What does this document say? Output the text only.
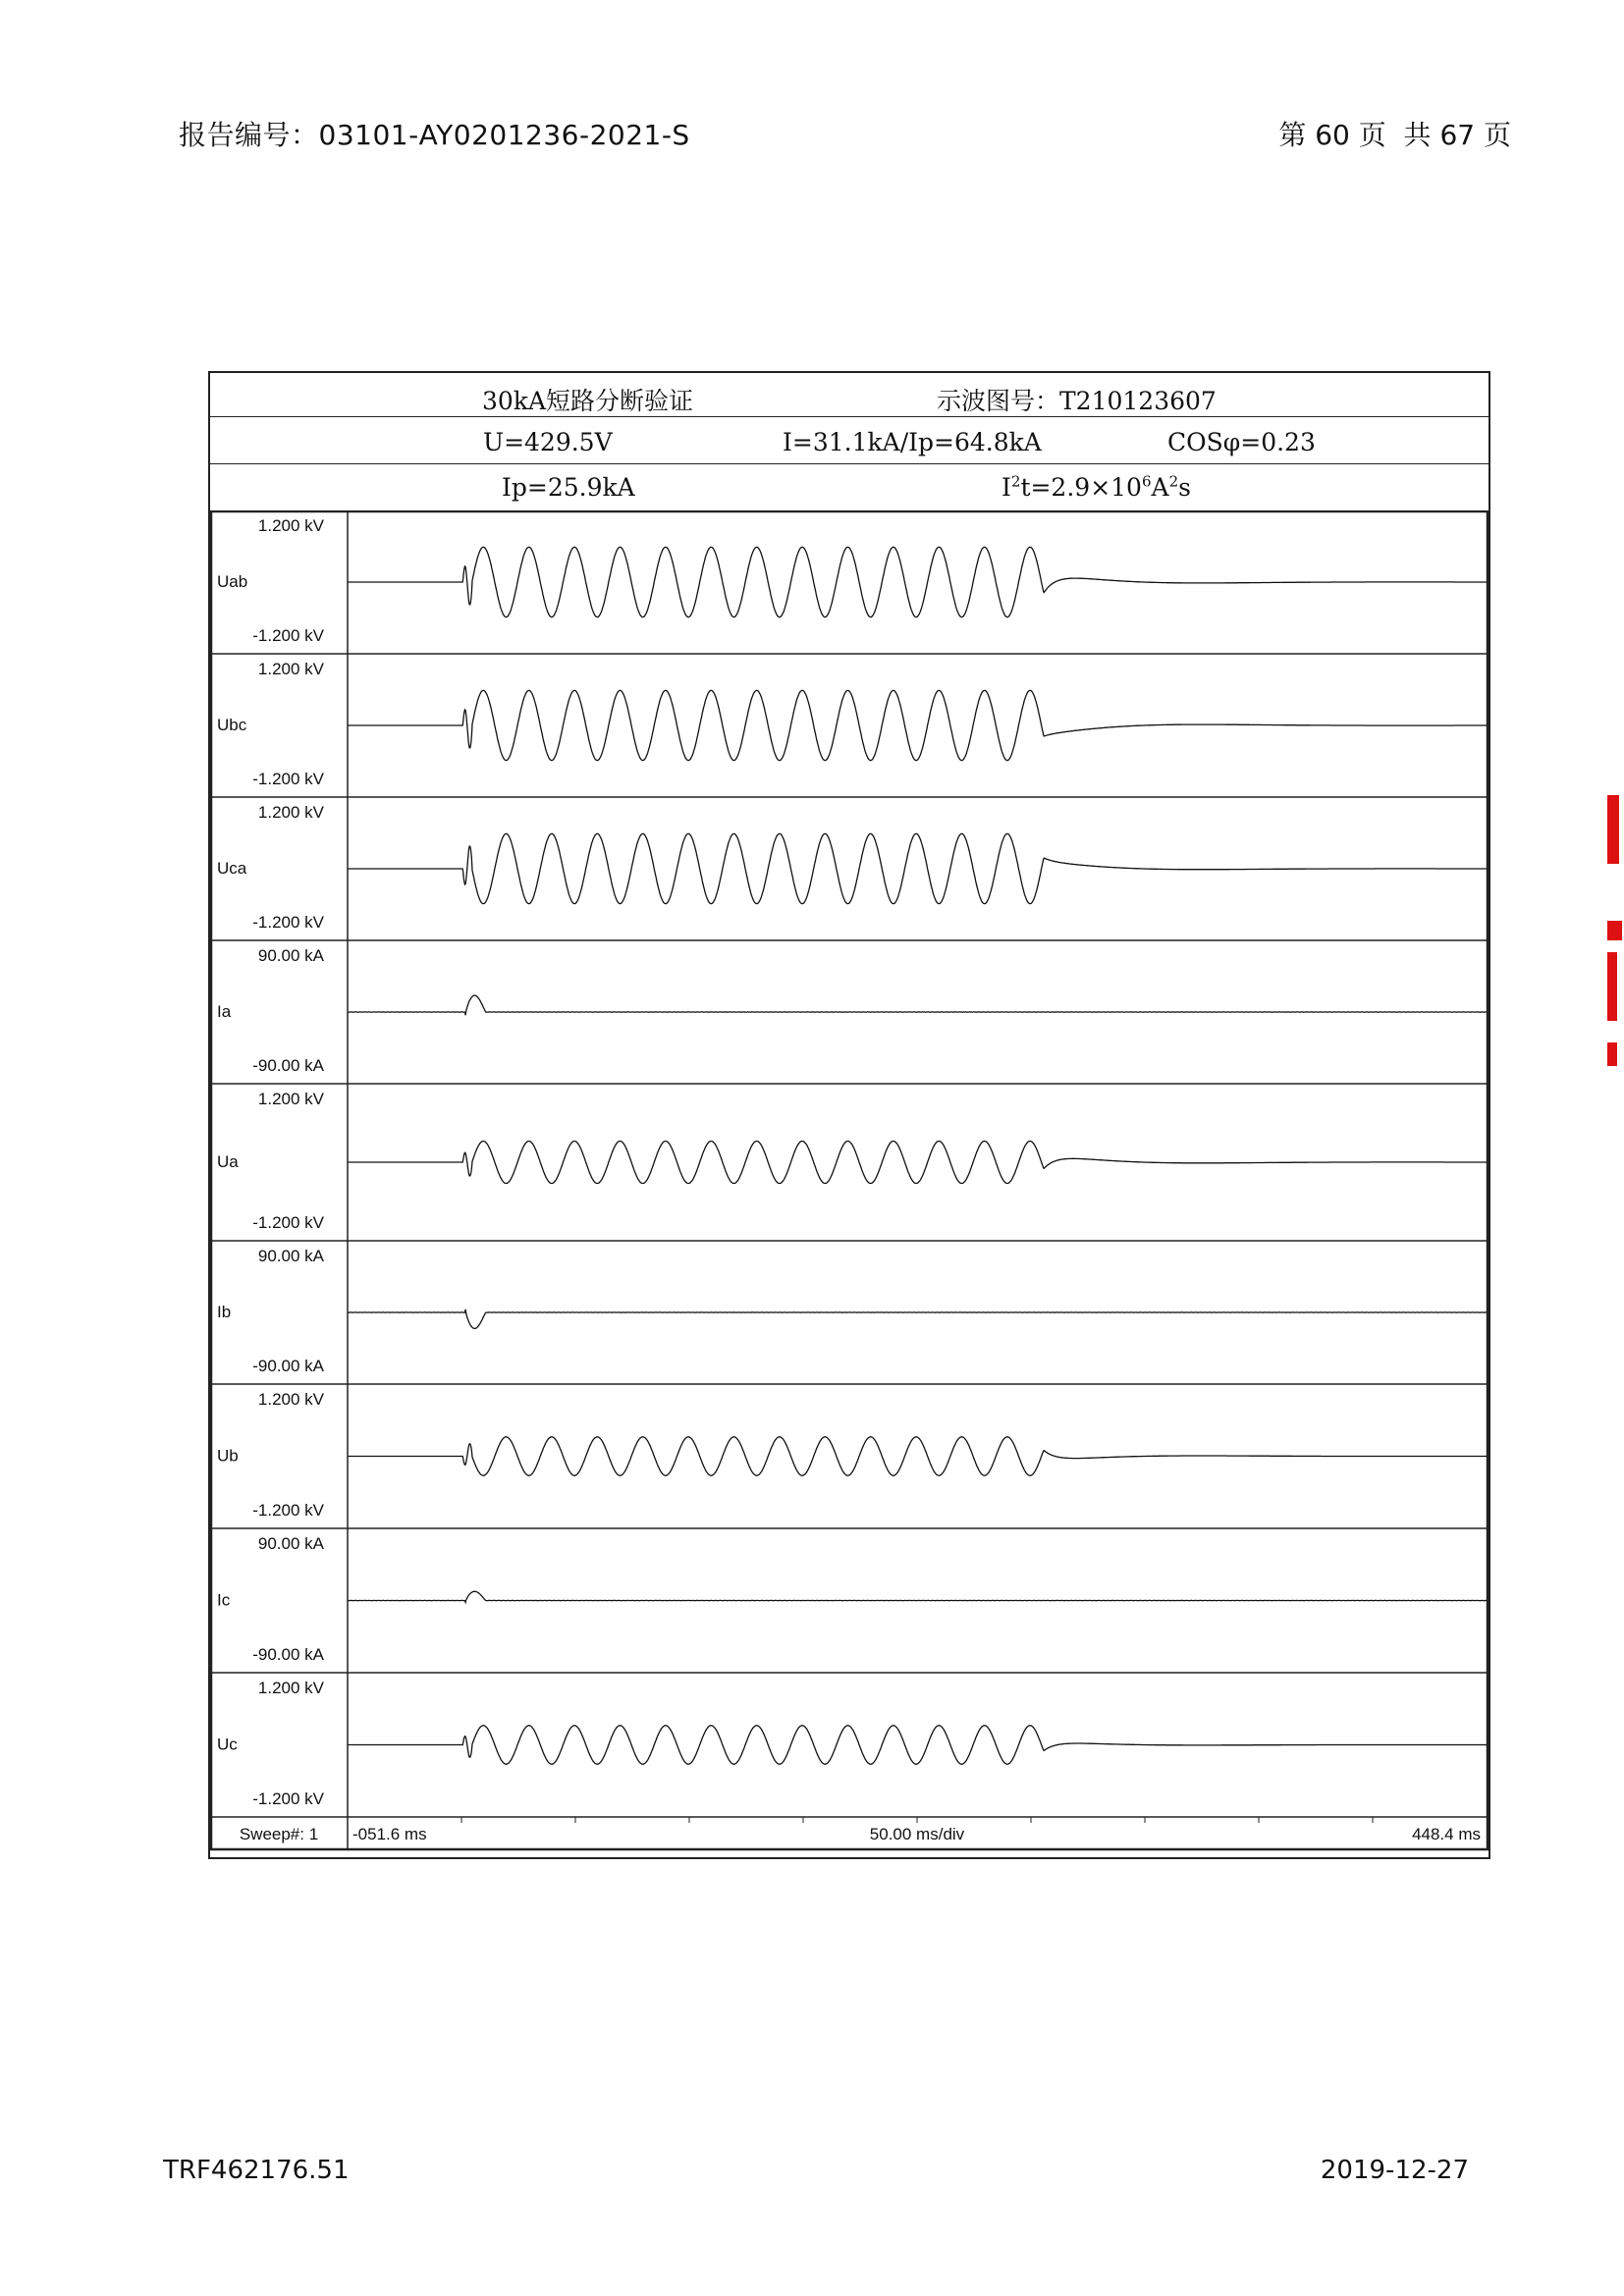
报告编号：03101-AY0201236-2021-S	第 60 页  共 67 页
30kA短路分断验证	示波图号：T210123607
U=429.5V	I=31.1kA/Ip=64.8kA	COSφ=0.23
Ip=25.9kA	$I^2t=2.9\times 10^6A^2s$
1.200 kV
-1.200 kV
Uab
1.200 kV
-1.200 kV
Ubc
1.200 kV
-1.200 kV
Uca
90.00 kA
-90.00 kA
Ia
1.200 kV
-1.200 kV
Ua
90.00 kA
-90.00 kA
Ib
1.200 kV
-1.200 kV
Ub
90.00 kA
-90.00 kA
Ic
1.200 kV
-1.200 kV
Uc
Sweep#: 1 -051.6 ms	50.00 ms/div	448.4 ms
TRF462176.51	2019-12-27
